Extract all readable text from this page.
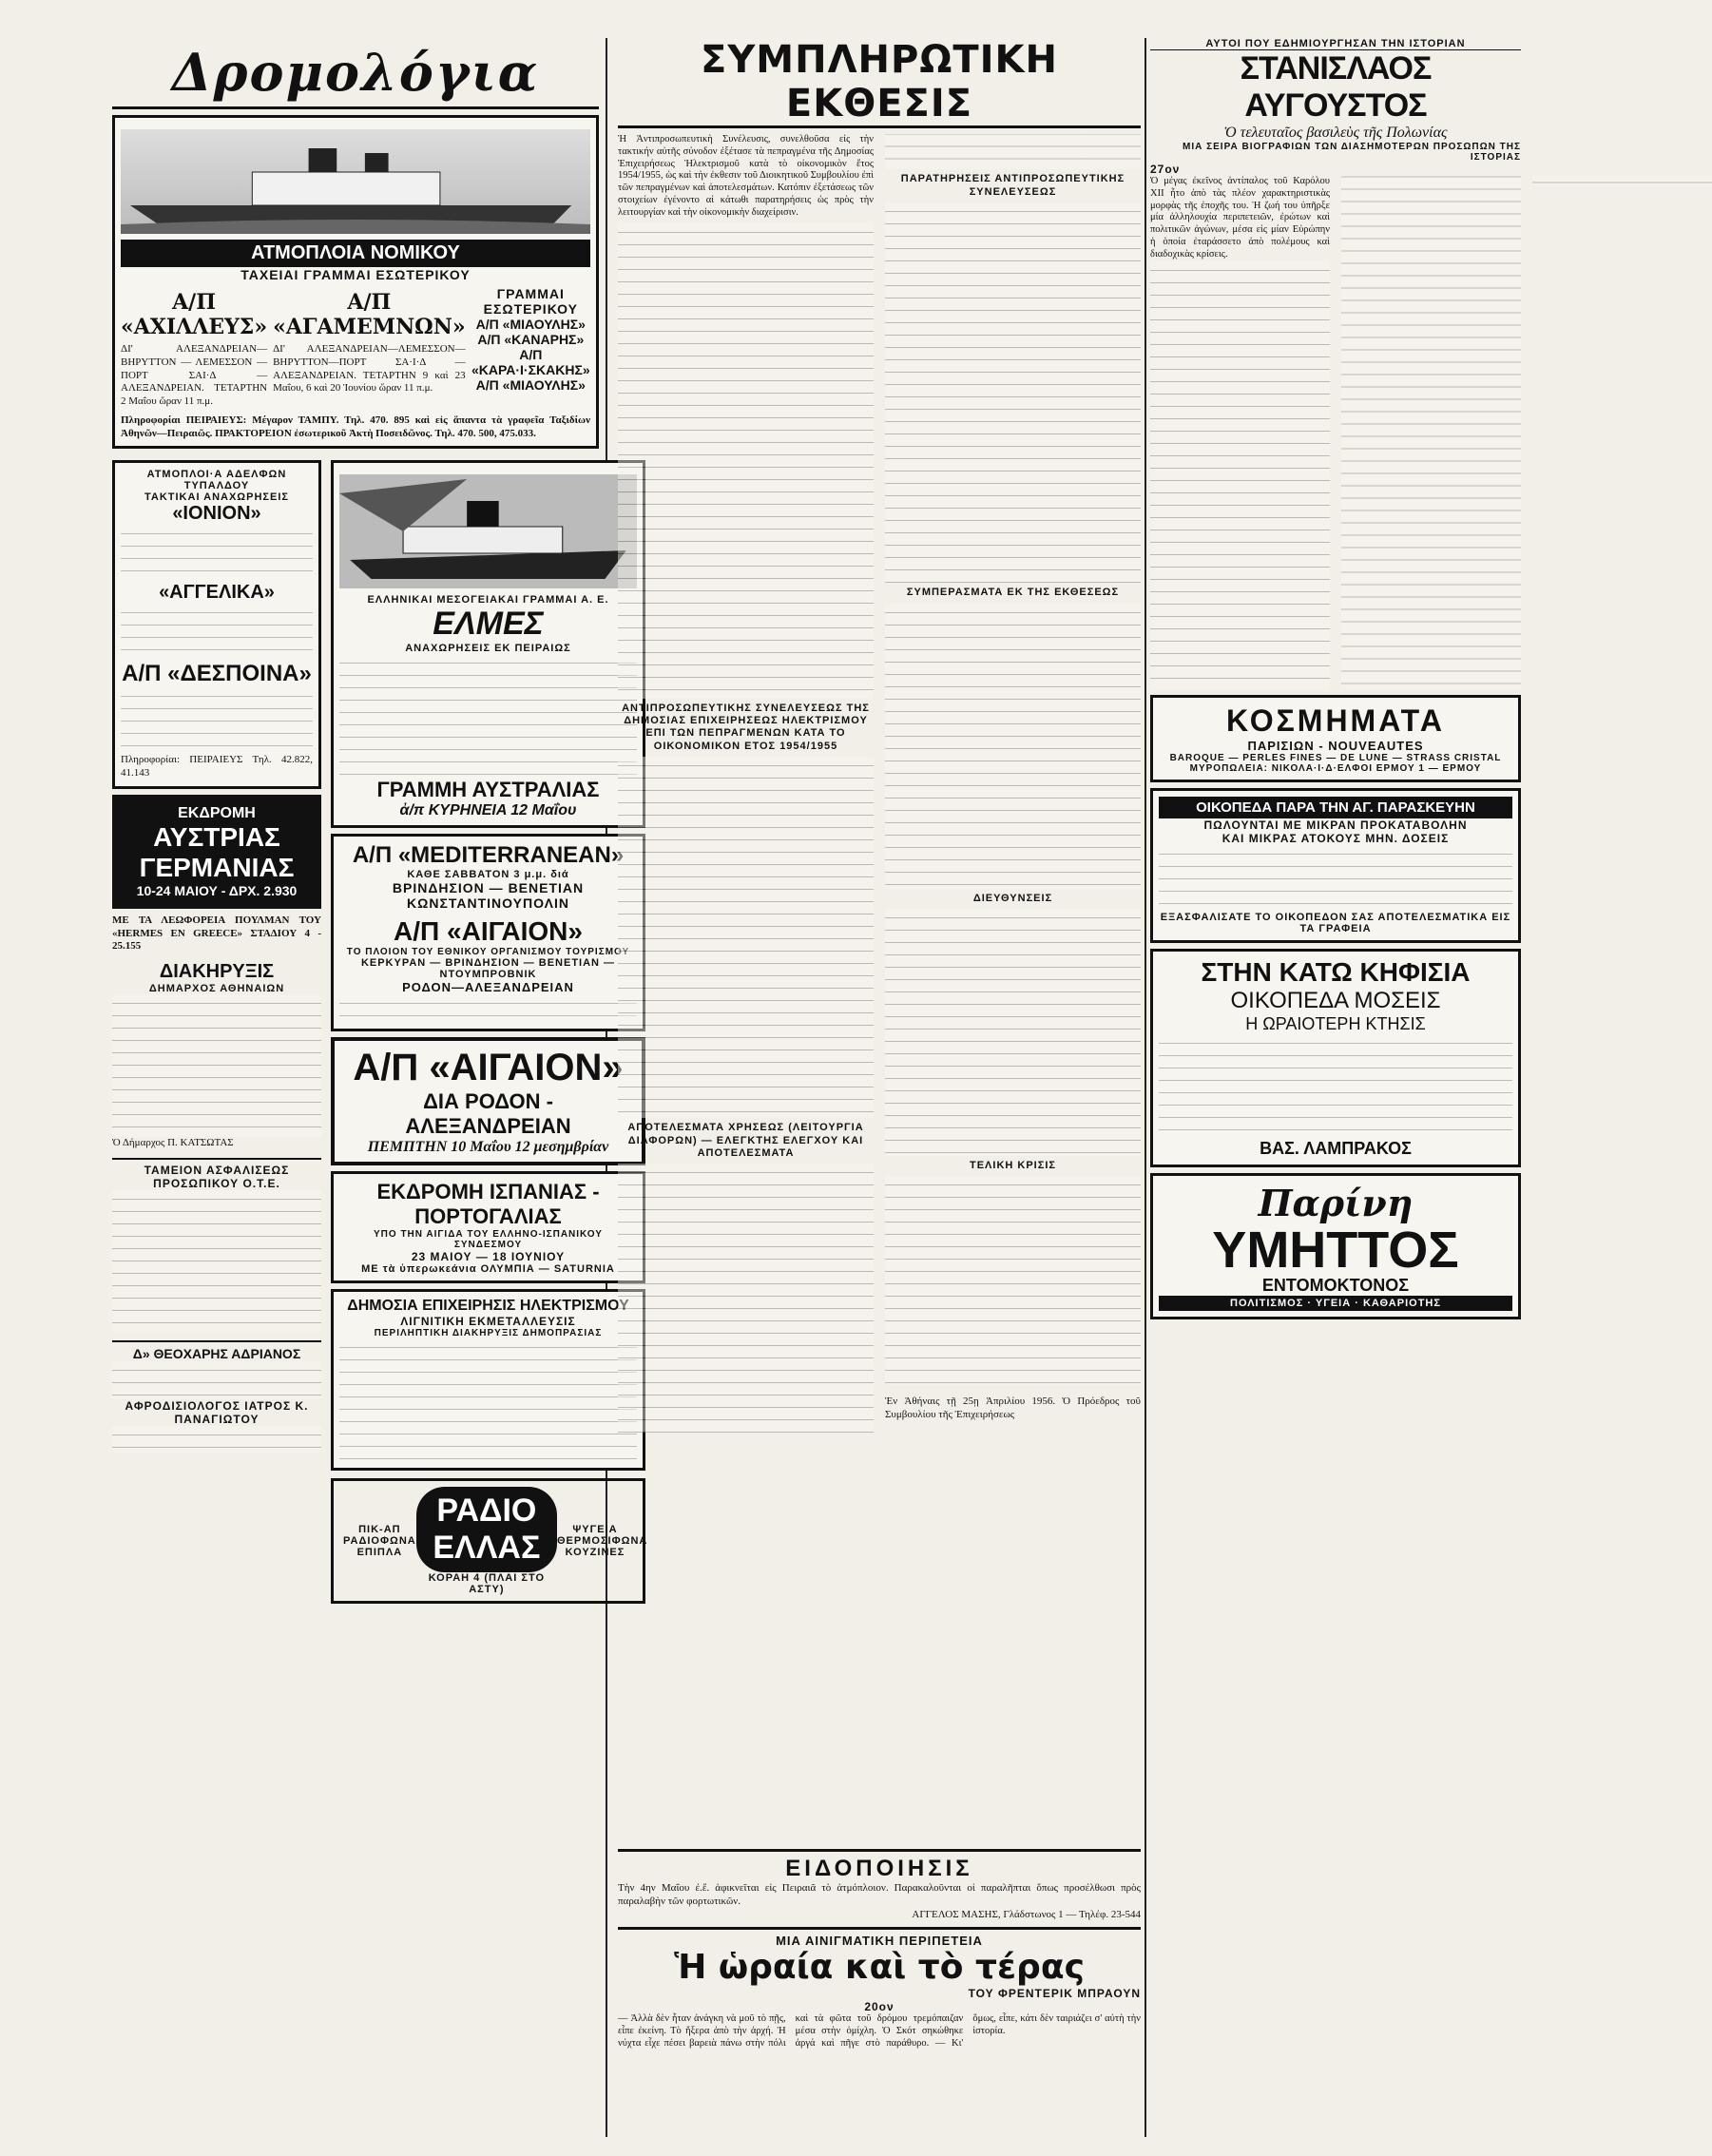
Δρομολόγια
ΑΤΜΟΠΛΟΙΑ ΝΟΜΙΚΟΥ
ΤΑΧΕΙΑΙ ΓΡΑΜΜΑΙ ΕΣΩΤΕΡΙΚΟΥ
Α/Π «ΑΧΙΛΛΕΥΣ»
ΔΙ' ΑΛΕΞΑΝΔΡΕΙΑΝ—ΒΗΡΥΤΤΟΝ — ΛΕΜΕΣΣΟΝ — ΠΟΡΤ ΣΑΙ·Δ — ΑΛΕΞΑΝΔΡΕΙΑΝ. ΤΕΤΑΡΤΗΝ 2 Μαΐου ὥραν 11 π.μ.
Α/Π «ΑΓΑΜΕΜΝΩΝ»
ΔΙ' ΑΛΕΞΑΝΔΡΕΙΑΝ—ΛΕΜΕΣΣΟΝ—ΒΗΡΥΤΤΟΝ—ΠΟΡΤ ΣΑ·Ι·Δ — ΑΛΕΞΑΝΔΡΕΙΑΝ. ΤΕΤΑΡΤΗΝ 9 καὶ 23 Μαΐου, 6 καὶ 20 Ἰουνίου ὥραν 11 π.μ.
ΓΡΑΜΜΑΙ ΕΣΩΤΕΡΙΚΟΥ
Α/Π «ΜΙΑΟΥΛΗΣ»
Α/Π «ΚΑΝΑΡΗΣ»
Α/Π «ΚΑΡΑ·Ι·ΣΚΑΚΗΣ»
Α/Π «ΜΙΑΟΥΛΗΣ»
Πληροφορίαι ΠΕΙΡΑΙΕΥΣ: Μέγαρον ΤΑΜΠΥ. Τηλ. 470. 895 καὶ εἰς ἅπαντα τὰ γραφεῖα Ταξιδίων Ἀθηνῶν—Πειραιῶς. ΠΡΑΚΤΟΡΕΙΟΝ ἐσωτερικοῦ Ἀκτὴ Ποσειδῶνος. Τηλ. 470. 500, 475.033.
ΑΤΜΟΠΛΟΙ·Α ΑΔΕΛΦΩΝ ΤΥΠΑΛΔΟΥ
ΤΑΚΤΙΚΑΙ ΑΝΑΧΩΡΗΣΕΙΣ
«ΙΟΝΙΟΝ»
«ΑΓΓΕΛΙΚΑ»
Α/Π «ΔΕΣΠΟΙΝΑ»
Πληροφορίαι: ΠΕΙΡΑΙΕΥΣ Τηλ. 42.822, 41.143
ΕΚΔΡΟΜΗ
ΑΥΣΤΡΙΑΣ
ΓΕΡΜΑΝΙΑΣ
10-24 ΜΑΙΟΥ - ΔΡΧ. 2.930
ΜΕ ΤΑ ΛΕΩΦΟΡΕΙΑ ΠΟΥΛΜΑΝ ΤΟΥ «HERMES EN GREECE» ΣΤΑΔΙΟΥ 4 - 25.155
ΔΙΑΚΗΡΥΞΙΣ
ΔΗΜΑΡΧΟΣ ΑΘΗΝΑΙΩΝ
Ὁ Δήμαρχος Π. ΚΑΤΣΩΤΑΣ
ΤΑΜΕΙΟΝ ΑΣΦΑΛΙΣΕΩΣ ΠΡΟΣΩΠΙΚΟΥ Ο.Τ.Ε.
Δ» ΘΕΟΧΑΡΗΣ ΑΔΡΙΑΝΟΣ
ΑΦΡΟΔΙΣΙΟΛΟΓΟΣ ΙΑΤΡΟΣ Κ. ΠΑΝΑΓΙΩΤΟΥ
ΕΛΛΗΝΙΚΑΙ ΜΕΣΟΓΕΙΑΚΑΙ ΓΡΑΜΜΑΙ Α. Ε.
ΕΛΜΕΣ
ΑΝΑΧΩΡΗΣΕΙΣ ΕΚ ΠΕΙΡΑΙΩΣ
ΓΡΑΜΜΗ ΑΥΣΤΡΑΛΙΑΣ
ἀ/π ΚΥΡΗΝΕΙΑ 12 Μαΐου
Α/Π «MEDITERRANEAN»
ΚΑΘΕ ΣΑΒΒΑΤΟΝ 3 μ.μ. διά
ΒΡΙΝΔΗΣΙΟΝ — ΒΕΝΕΤΙΑΝ
ΚΩΝΣΤΑΝΤΙΝΟΥΠΟΛΙΝ
Α/Π «ΑΙΓΑΙΟΝ»
ΤΟ ΠΛΟΙΟΝ ΤΟΥ ΕΘΝΙΚΟΥ ΟΡΓΑΝΙΣΜΟΥ ΤΟΥΡΙΣΜΟΥ
ΚΕΡΚΥΡΑΝ — ΒΡΙΝΔΗΣΙΟΝ — ΒΕΝΕΤΙΑΝ — ΝΤΟΥΜΠΡΟΒΝΙΚ
ΡΟΔΟΝ—ΑΛΕΞΑΝΔΡΕΙΑΝ
Α/Π «ΑΙΓΑΙΟΝ»
ΔΙΑ ΡΟΔΟΝ - ΑΛΕΞΑΝΔΡΕΙΑΝ
ΠΕΜΠΤΗΝ 10 Μαΐου 12 μεσημβρίαν
ΕΚΔΡΟΜΗ ΙΣΠΑΝΙΑΣ - ΠΟΡΤΟΓΑΛΙΑΣ
ΥΠΟ ΤΗΝ ΑΙΓΙΔΑ ΤΟΥ ΕΛΛΗΝΟ-ΙΣΠΑΝΙΚΟΥ ΣΥΝΔΕΣΜΟΥ
23 ΜΑΙΟΥ — 18 ΙΟΥΝΙΟΥ
ΜΕ τὰ ὑπερωκεάνια ΟΛΥΜΠΙΑ — SATURNIA
ΔΗΜΟΣΙΑ ΕΠΙΧΕΙΡΗΣΙΣ ΗΛΕΚΤΡΙΣΜΟΥ
ΛΙΓΝΙΤΙΚΗ ΕΚΜΕΤΑΛΛΕΥΣΙΣ
ΠΕΡΙΛΗΠΤΙΚΗ ΔΙΑΚΗΡΥΞΙΣ ΔΗΜΟΠΡΑΣΙΑΣ
ΠΙΚ-ΑΠ ΡΑΔΙΟΦΩΝΑ ΕΠΙΠΛΑ
ΡΑΔΙΟ ΕΛΛΑΣ
ΚΟΡΑΗ 4 (ΠΛΑΙ ΣΤΟ ΑΣΤΥ)
ΨΥΓΕΙΑ ΘΕΡΜΟΣΙΦΩΝΑ ΚΟΥΖΙΝΕΣ
ΣΥΜΠΛΗΡΩΤΙΚΗ ΕΚΘΕΣΙΣ

Ἡ Ἀντιπροσωπευτικὴ Συνέλευσις, συνελθοῦσα εἰς τὴν τακτικήν αὐτῆς σύνοδον ἐξέτασε τὰ πεπραγμένα τῆς Δημοσίας Ἐπιχειρήσεως Ἠλεκτρισμοῦ κατὰ τὸ οἰκονομικὸν ἔτος 1954/1955, ὡς καὶ τὴν ἐκθεσιν τοῦ Διοικητικοῦ Συμβουλίου ἐπὶ τῶν πεπραγμένων καὶ ἀποτελεσμάτων. Κατόπιν ἐξετάσεως τῶν στοιχείων ἐγένοντο αἱ κάτωθι παρατηρήσεις ὡς πρὸς τὴν λειτουργίαν καὶ τὴν οἰκονομικὴν διαχείρισιν.

ΑΝΤΙΠΡΟΣΩΠΕΥΤΙΚΗΣ ΣΥΝΕΛΕΥΣΕΩΣ ΤΗΣ ΔΗΜΟΣΙΑΣ ΕΠΙΧΕΙΡΗΣΕΩΣ ΗΛΕΚΤΡΙΣΜΟΥ ΕΠΙ ΤΩΝ ΠΕΠΡΑΓΜΕΝΩΝ ΚΑΤΑ ΤΟ ΟΙΚΟΝΟΜΙΚΟΝ ΕΤΟΣ 1954/1955
ΑΠΟΤΕΛΕΣΜΑΤΑ ΧΡΗΣΕΩΣ (ΛΕΙΤΟΥΡΓΙΑ ΔΙΑΦΟΡΩΝ) — ΕΛΕΓΚΤΗΣ ΕΛΕΓΧΟΥ ΚΑΙ ΑΠΟΤΕΛΕΣΜΑΤΑ
ΠΑΡΑΤΗΡΗΣΕΙΣ ΑΝΤΙΠΡΟΣΩΠΕΥΤΙΚΗΣ ΣΥΝΕΛΕΥΣΕΩΣ
ΣΥΜΠΕΡΑΣΜΑΤΑ ΕΚ ΤΗΣ ΕΚΘΕΣΕΩΣ
ΔΙΕΥΘΥΝΣΕΙΣ
ΤΕΛΙΚΗ ΚΡΙΣΙΣ

Ἐν Ἀθήναις τῇ 25ῃ Ἀπριλίου 1956. Ὁ Πρόεδρος τοῦ Συμβουλίου τῆς Ἐπιχειρήσεως

ΕΙΔΟΠΟΙΗΣΙΣ
Τὴν 4ην Μαΐου ἐ.ἔ. ἀφικνεῖται εἰς Πειραιᾶ τὸ ἀτμόπλοιον. Παρακαλοῦνται οἱ παραλῆπται ὅπως προσέλθωσι πρὸς παραλαβὴν τῶν φορτωτικῶν.
ΑΓΓΕΛΟΣ ΜΑΣΗΣ, Γλάδστωνος 1 — Τηλέφ. 23-544
ΜΙΑ ΑΙΝΙΓΜΑΤΙΚΗ ΠΕΡΙΠΕΤΕΙΑ
Ἡ ὡραία καὶ τὸ τέρας
ΤΟΥ ΦΡΕΝΤΕΡΙΚ ΜΠΡΑΟΥΝ
20ον
— Ἀλλὰ δὲν ἦταν ἀνάγκη νὰ μοῦ τὸ πῇς, εἶπε ἐκείνη. Τὸ ἤξερα ἀπὸ τὴν ἀρχή. Ἡ νύχτα εἶχε πέσει βαρειὰ πάνω στὴν πόλι καὶ τὰ φῶτα τοῦ δρόμου τρεμόπαιζαν μέσα στὴν ὁμίχλη. Ὁ Σκότ σηκώθηκε ἀργά καὶ πῆγε στὸ παράθυρο. — Κι' ὅμως, εἶπε, κάτι δὲν ταιριάζει σ' αὐτὴ τὴν ἱστορία.
ΑΥΤΟΙ ΠΟΥ ΕΔΗΜΙΟΥΡΓΗΣΑΝ ΤΗΝ ΙΣΤΟΡΙΑΝ
ΣΤΑΝΙΣΛΑΟΣ ΑΥΓΟΥΣΤΟΣ
Ὁ τελευταῖος βασιλεὺς τῆς Πολωνίας
ΜΙΑ ΣΕΙΡΑ ΒΙΟΓΡΑΦΙΩΝ ΤΩΝ ΔΙΑΣΗΜΟΤΕΡΩΝ ΠΡΟΣΩΠΩΝ ΤΗΣ ΙΣΤΟΡΙΑΣ
27ον

Ὁ μέγας ἐκεῖνος ἀντίπαλος τοῦ Καρόλου XII ἦτο ἀπὸ τὰς πλέον χαρακτηριστικὰς μορφὰς τῆς ἐποχῆς του. Ἡ ζωή του ὑπῆρξε μία ἀλληλουχία περιπετειῶν, ἐρώτων καὶ πολιτικῶν ἀγώνων, μέσα εἰς μίαν Εὐρώπην ἡ ὁποία ἐταράσσετο ἀπὸ πολέμους καὶ διαδοχικὰς κρίσεις.

ΚΟΣΜΗΜΑΤΑ
ΠΑΡΙΣΙΩΝ - NOUVEAUTES
BAROQUE — PERLES FINES — DE LUNE — STRASS CRISTAL
ΜΥΡΟΠΩΛΕΙΑ: ΝΙΚΟΛΑ·Ι·Δ·ΕΛΦΟΙ ΕΡΜΟΥ 1 — ΕΡΜΟΥ
ΟΙΚΟΠΕΔΑ ΠΑΡΑ ΤΗΝ ΑΓ. ΠΑΡΑΣΚΕΥΗΝ
ΠΩΛΟΥΝΤΑΙ ΜΕ ΜΙΚΡΑΝ ΠΡΟΚΑΤΑΒΟΛΗΝ
ΚΑΙ ΜΙΚΡΑΣ ΑΤΟΚΟΥΣ ΜΗΝ. ΔΟΣΕΙΣ
ΕΞΑΣΦΑΛΙΣΑΤΕ ΤΟ ΟΙΚΟΠΕΔΟΝ ΣΑΣ ΑΠΟΤΕΛΕΣΜΑΤΙΚΑ ΕΙΣ ΤΑ ΓΡΑΦΕΙΑ
ΣΤΗΝ ΚΑΤΩ ΚΗΦΙΣΙΑ
ΟΙΚΟΠΕΔΑ ΜΟΣΕΙΣ
Η ΩΡΑΙΟΤΕΡΗ ΚΤΗΣΙΣ
ΒΑΣ. ΛΑΜΠΡΑΚΟΣ
Παρίνη
ΥΜΗΤΤΟΣ
ΕΝΤΟΜΟΚΤΟΝΟΣ
ΠΟΛΙΤΙΣΜΟΣ · ΥΓΕΙΑ · ΚΑΘΑΡΙΟΤΗΣ
